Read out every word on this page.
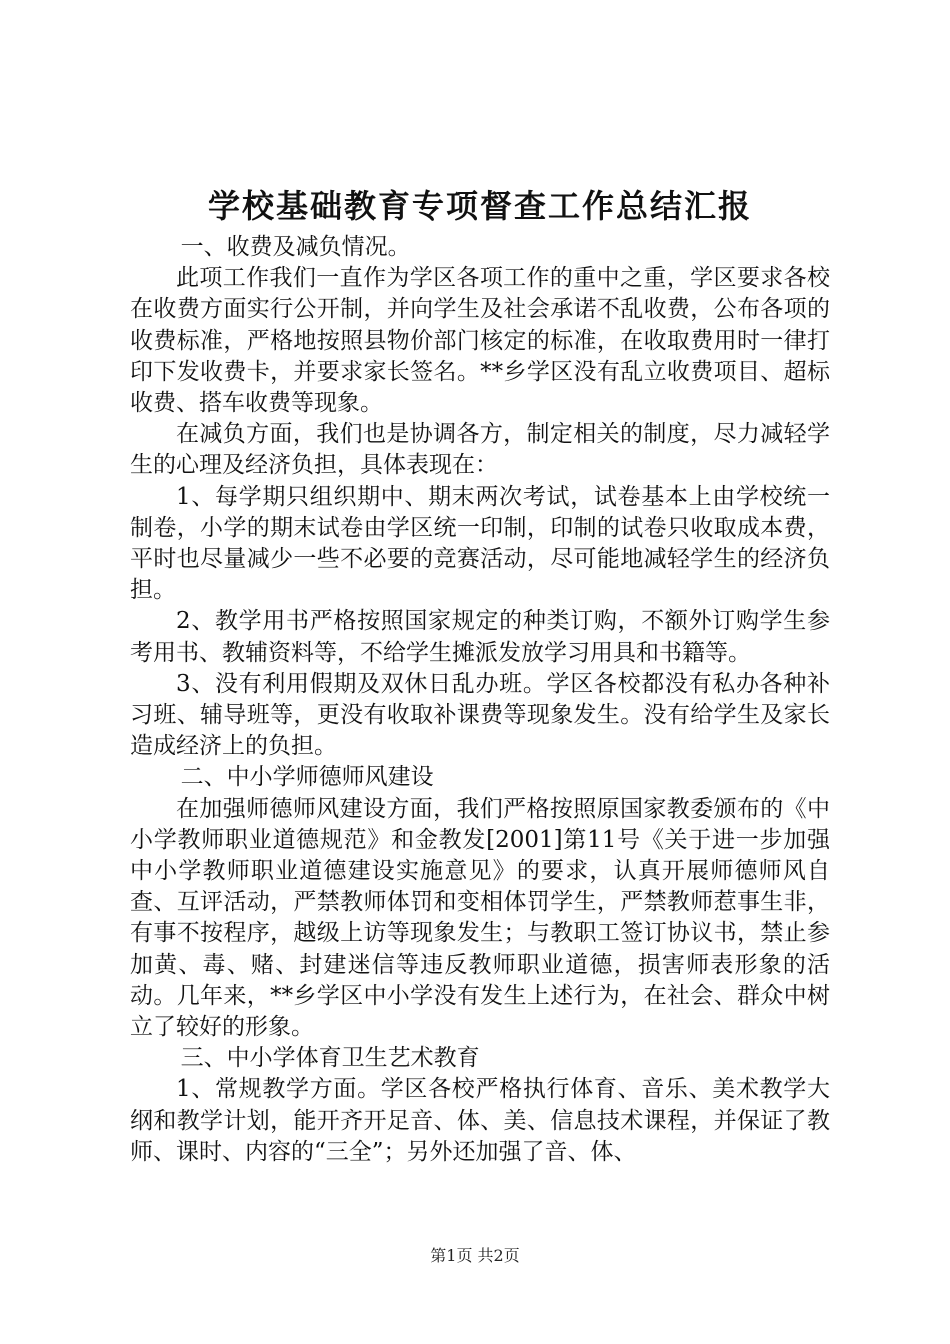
学校基础教育专项督查工作总结汇报

一、收费及减负情况。

此项工作我们一直作为学区各项工作的重中之重，学区要求各校在收费方面实行公开制，并向学生及社会承诺不乱收费，公布各项的收费标准，严格地按照县物价部门核定的标准，在收取费用时一律打印下发收费卡，并要求家长签名。**乡学区没有乱立收费项目、超标收费、搭车收费等现象。

在减负方面，我们也是协调各方，制定相关的制度，尽力减轻学生的心理及经济负担，具体表现在：

1、每学期只组织期中、期末两次考试，试卷基本上由学校统一制卷，小学的期末试卷由学区统一印制，印制的试卷只收取成本费，平时也尽量减少一些不必要的竞赛活动，尽可能地减轻学生的经济负担。

2、教学用书严格按照国家规定的种类订购，不额外订购学生参考用书、教辅资料等，不给学生摊派发放学习用具和书籍等。

3、没有利用假期及双休日乱办班。学区各校都没有私办各种补习班、辅导班等，更没有收取补课费等现象发生。没有给学生及家长造成经济上的负担。

二、中小学师德师风建设

在加强师德师风建设方面，我们严格按照原国家教委颁布的《中小学教师职业道德规范》和金教发[2001]第11号《关于进一步加强中小学教师职业道德建设实施意见》的要求，认真开展师德师风自查、互评活动，严禁教师体罚和变相体罚学生，严禁教师惹事生非，有事不按程序，越级上访等现象发生；与教职工签订协议书，禁止参加黄、毒、赌、封建迷信等违反教师职业道德，损害师表形象的活动。几年来，**乡学区中小学没有发生上述行为，在社会、群众中树立了较好的形象。

三、中小学体育卫生艺术教育

1、常规教学方面。学区各校严格执行体育、音乐、美术教学大纲和教学计划，能开齐开足音、体、美、信息技术课程，并保证了教师、课时、内容的“三全”；另外还加强了音、体、

第1页 共2页
